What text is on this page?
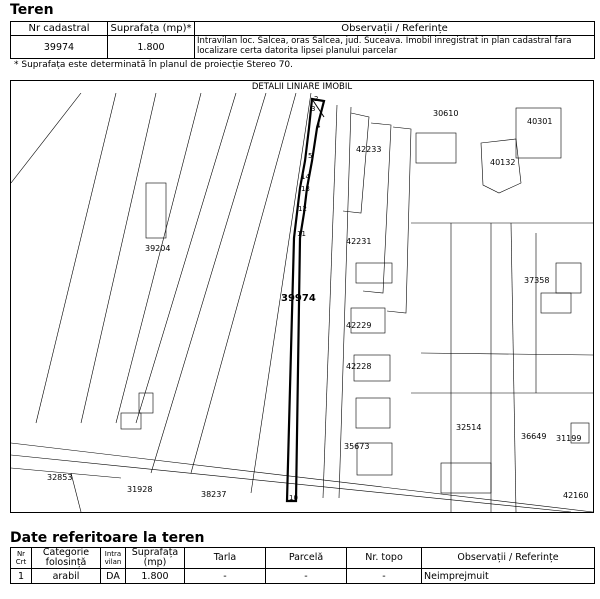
Teren
Nr cadastral	Suprafața (mp)*	Observații / Referințe
39974	1.800	Intravilan loc. Salcea, oras Salcea, jud. Suceava. Imobil inregistrat in plan cadastral fara localizare certa datorita lipsei planului parcelar
* Suprafața este determinată în planul de proiecție Stereo 70.
DETALII LINIARE IMOBIL
30610
40301
42233
40132
39204
42231
37358
39974
42229
42228
32514
36649 31199
35673
32853
31928
38237	42160
2
3
4
5
14
13
12
11
10
Date referitoare la teren
Nr Crt	Categorie folosință	Intra vilan	Suprafața (mp)	Tarla	Parcelă	Nr. topo	Observații / Referințe
1	arabil	DA	1.800	-	-	-	Neimprejmuit
